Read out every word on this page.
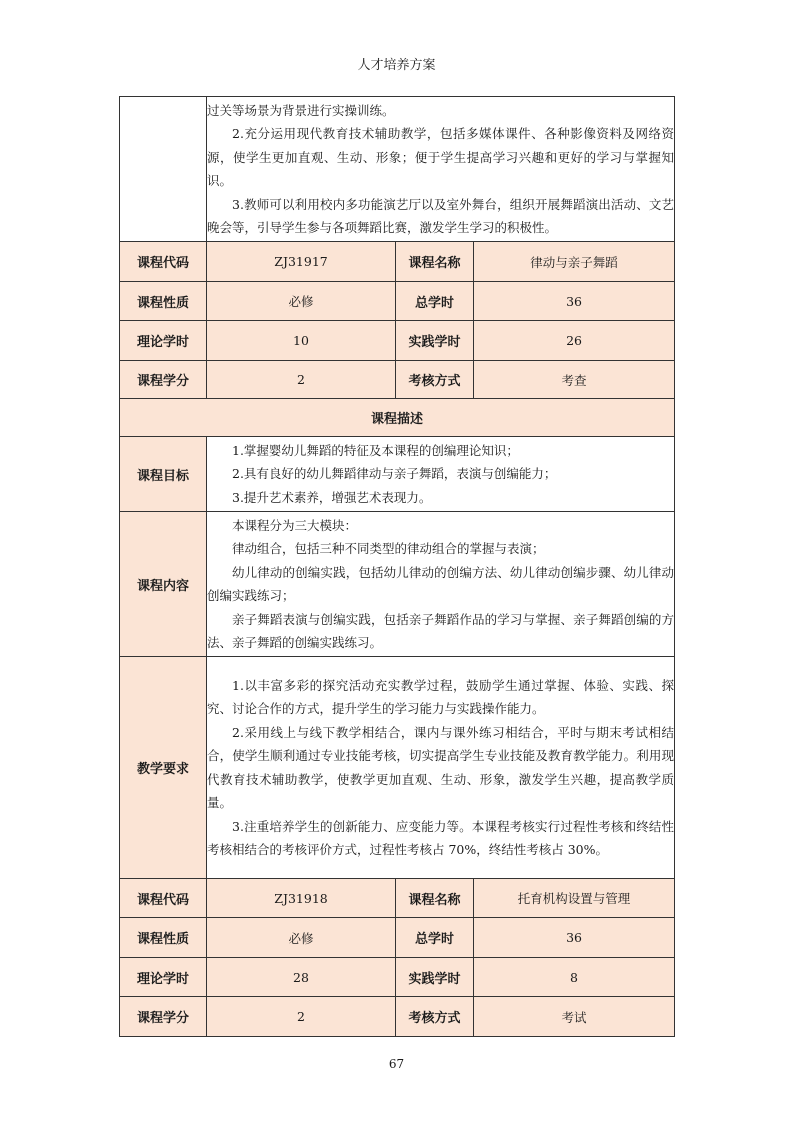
人才培养方案

	过关等场景为背景进行实操训练。

2.充分运用现代教育技术辅助教学，包括多媒体课件、各种影像资料及网络资源，使学生更加直观、生动、形象；便于学生提高学习兴趣和更好的学习与掌握知识。

3.教师可以利用校内多功能演艺厅以及室外舞台，组织开展舞蹈演出活动、文艺晚会等，引导学生参与各项舞蹈比赛，激发学生学习的积极性。		

课程代码	ZJ31917	课程名称	律动与亲子舞蹈
课程性质	必修	总学时	36
理论学时	10	实践学时	26
课程学分	2	考核方式	考查
课程描述			
课程目标	1.掌握婴幼儿舞蹈的特征及本课程的创编理论知识；

2.具有良好的幼儿舞蹈律动与亲子舞蹈，表演与创编能力；

3.提升艺术素养，增强艺术表现力。		

课程内容	本课程分为三大模块：

律动组合，包括三种不同类型的律动组合的掌握与表演；

幼儿律动的创编实践，包括幼儿律动的创编方法、幼儿律动创编步骤、幼儿律动创编实践练习；

亲子舞蹈表演与创编实践，包括亲子舞蹈作品的学习与掌握、亲子舞蹈创编的方法、亲子舞蹈的创编实践练习。		

教学要求	1.以丰富多彩的探究活动充实教学过程，鼓励学生通过掌握、体验、实践、探究、讨论合作的方式，提升学生的学习能力与实践操作能力。

2.采用线上与线下教学相结合，课内与课外练习相结合，平时与期末考试相结合，使学生顺利通过专业技能考核，切实提高学生专业技能及教育教学能力。利用现代教育技术辅助教学，使教学更加直观、生动、形象，激发学生兴趣，提高教学质量。

3.注重培养学生的创新能力、应变能力等。本课程考核实行过程性考核和终结性考核相结合的考核评价方式，过程性考核占 70%，终结性考核占 30%。		

课程代码	ZJ31918	课程名称	托育机构设置与管理
课程性质	必修	总学时	36
理论学时	28	实践学时	8
课程学分	2	考核方式	考试
67
